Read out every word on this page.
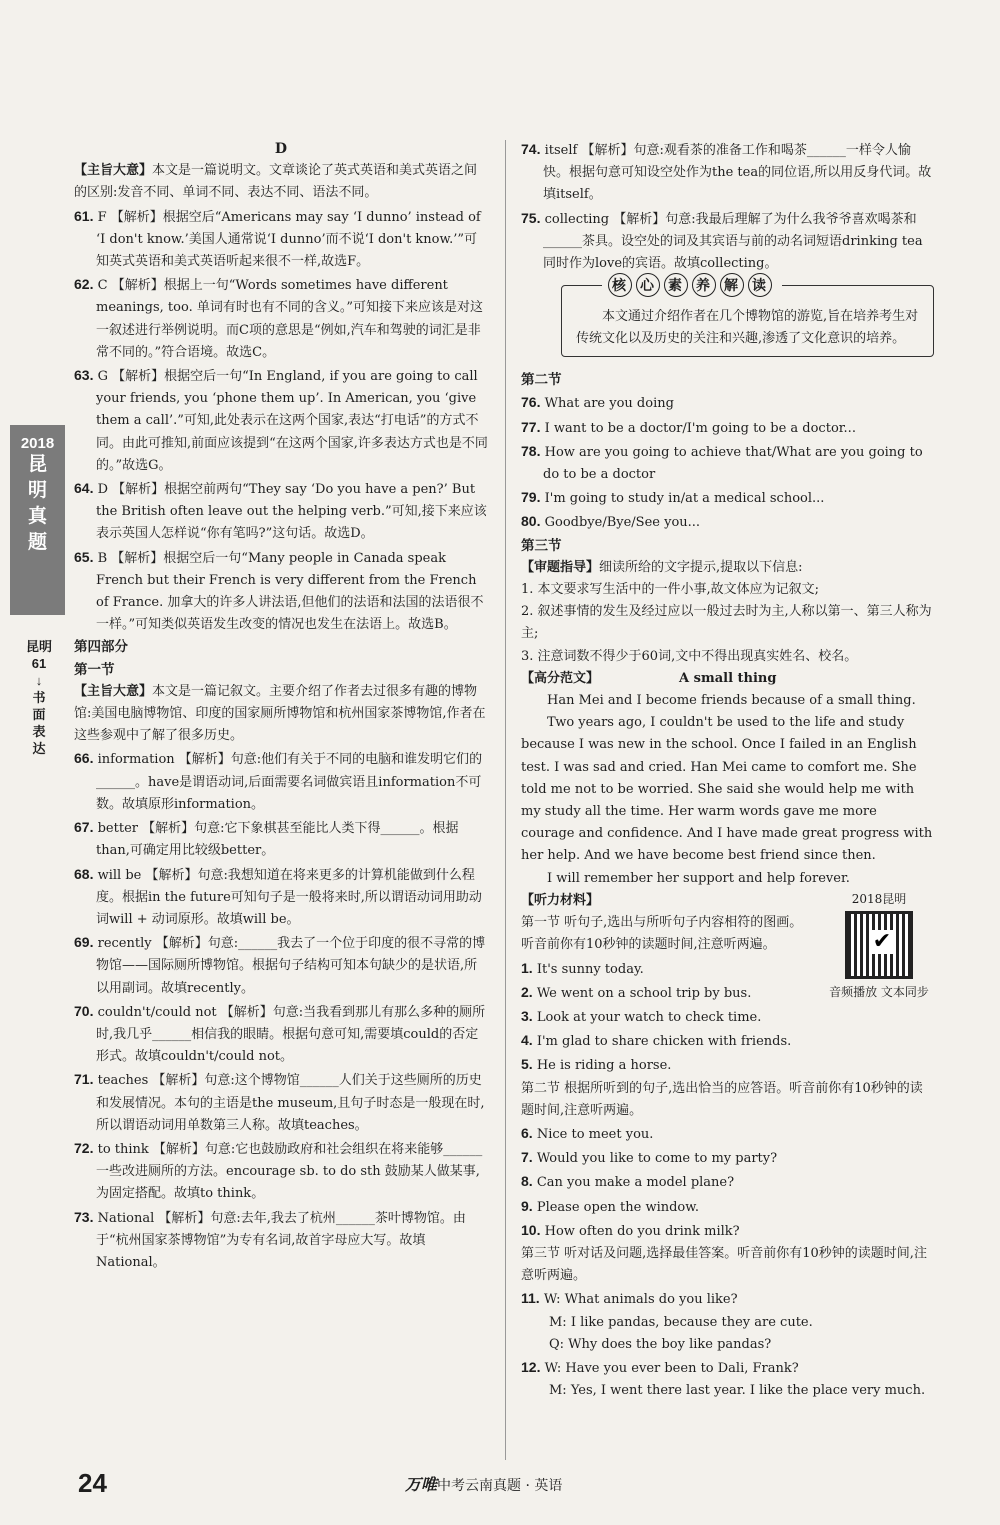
2018
昆
明
真
题
昆明
61
↓
书
面
表
达

D

【主旨大意】本文是一篇说明文。文章谈论了英式英语和美式英语之间的区别:发音不同、单词不同、表达不同、语法不同。

61. F 【解析】根据空后“Americans may say ‘I dunno’ instead of ‘I don't know.’美国人通常说‘I dunno’而不说‘I don't know.’”可知英式英语和美式英语听起来很不一样,故选F。

62. C 【解析】根据上一句“Words sometimes have different meanings, too. 单词有时也有不同的含义。”可知接下来应该是对这一叙述进行举例说明。而C项的意思是“例如,汽车和驾驶的词汇是非常不同的。”符合语境。故选C。

63. G 【解析】根据空后一句“In England, if you are going to call your friends, you ‘phone them up’. In American, you ‘give them a call’.”可知,此处表示在这两个国家,表达“打电话”的方式不同。由此可推知,前面应该提到“在这两个国家,许多表达方式也是不同的。”故选G。

64. D 【解析】根据空前两句“They say ‘Do you have a pen?’ But the British often leave out the helping verb.”可知,接下来应该表示英国人怎样说“你有笔吗?”这句话。故选D。

65. B 【解析】根据空后一句“Many people in Canada speak French but their French is very different from the French of France. 加拿大的许多人讲法语,但他们的法语和法国的法语很不一样。”可知类似英语发生改变的情况也发生在法语上。故选B。

第四部分

第一节

【主旨大意】本文是一篇记叙文。主要介绍了作者去过很多有趣的博物馆:美国电脑博物馆、印度的国家厕所博物馆和杭州国家茶博物馆,作者在这些参观中了解了很多历史。

66. information 【解析】句意:他们有关于不同的电脑和谁发明它们的______。have是谓语动词,后面需要名词做宾语且information不可数。故填原形information。

67. better 【解析】句意:它下象棋甚至能比人类下得______。根据than,可确定用比较级better。

68. will be 【解析】句意:我想知道在将来更多的计算机能做到什么程度。根据in the future可知句子是一般将来时,所以谓语动词用助动词will + 动词原形。故填will be。

69. recently 【解析】句意:______我去了一个位于印度的很不寻常的博物馆——国际厕所博物馆。根据句子结构可知本句缺少的是状语,所以用副词。故填recently。

70. couldn't/could not 【解析】句意:当我看到那儿有那么多种的厕所时,我几乎______相信我的眼睛。根据句意可知,需要填could的否定形式。故填couldn't/could not。

71. teaches 【解析】句意:这个博物馆______人们关于这些厕所的历史和发展情况。本句的主语是the museum,且句子时态是一般现在时,所以谓语动词用单数第三人称。故填teaches。

72. to think 【解析】句意:它也鼓励政府和社会组织在将来能够______一些改进厕所的方法。encourage sb. to do sth 鼓励某人做某事,为固定搭配。故填to think。

73. National 【解析】句意:去年,我去了杭州______茶叶博物馆。由于“杭州国家茶博物馆”为专有名词,故首字母应大写。故填National。

74. itself 【解析】句意:观看茶的准备工作和喝茶______一样令人愉快。根据句意可知设空处作为the tea的同位语,所以用反身代词。故填itself。

75. collecting 【解析】句意:我最后理解了为什么我爷爷喜欢喝茶和______茶具。设空处的词及其宾语与前的动名词短语drinking tea同时作为love的宾语。故填collecting。

核 心 素 养 解 读
本文通过介绍作者在几个博物馆的游览,旨在培养考生对传统文化以及历史的关注和兴趣,渗透了文化意识的培养。

第二节

76. What are you doing

77. I want to be a doctor/I'm going to be a doctor...

78. How are you going to achieve that/What are you going to do to be a doctor

79. I'm going to study in/at a medical school...

80. Goodbye/Bye/See you...

第三节

【审题指导】细读所给的文字提示,提取以下信息:

1. 本文要求写生活中的一件小事,故文体应为记叙文;

2. 叙述事情的发生及经过应以一般过去时为主,人称以第一、第三人称为主;

3. 注意词数不得少于60词,文中不得出现真实姓名、校名。

【高分范文】	A small thing

Han Mei and I become friends because of a small thing.

Two years ago, I couldn't be used to the life and study because I was new in the school. Once I failed in an English test. I was sad and cried. Han Mei came to comfort me. She told me not to be worried. She said she would help me with my study all the time. Her warm words gave me more courage and confidence. And I have made great progress with her help. And we have become best friend since then.

I will remember her support and help forever.

2018昆明
✔
音频播放 文本同步

【听力材料】

第一节 听句子,选出与所听句子内容相符的图画。听音前你有10秒钟的读题时间,注意听两遍。

1. It's sunny today.

2. We went on a school trip by bus.

3. Look at your watch to check time.

4. I'm glad to share chicken with friends.

5. He is riding a horse.

第二节 根据所听到的句子,选出恰当的应答语。听音前你有10秒钟的读题时间,注意听两遍。

6. Nice to meet you.

7. Would you like to come to my party?

8. Can you make a model plane?

9. Please open the window.

10. How often do you drink milk?

第三节 听对话及问题,选择最佳答案。听音前你有10秒钟的读题时间,注意听两遍。

11. W: What animals do you like?

M: I like pandas, because they are cute.

Q: Why does the boy like pandas?

12. W: Have you ever been to Dali, Frank?

M: Yes, I went there last year. I like the place very much.

24	万唯中考云南真题 · 英语
